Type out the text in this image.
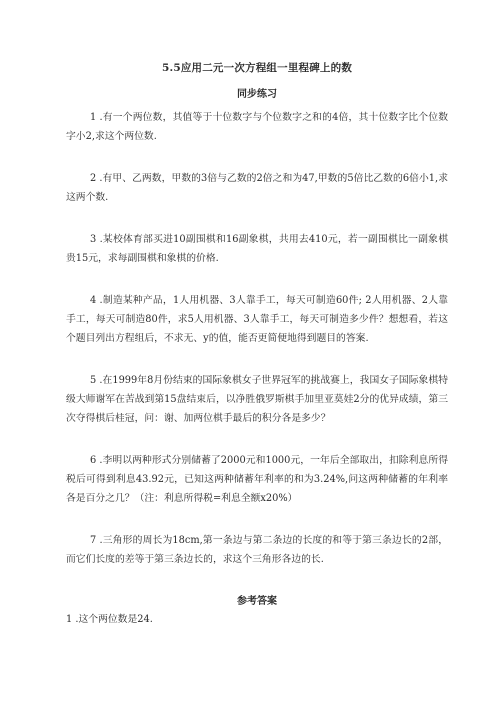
5.5应用二元一次方程组一里程碑上的数
同步练习

1 .有一个两位数，其值等于十位数字与个位数字之和的4倍，其十位数字比个位数字小2,求这个两位数.

2 .有甲、乙两数，甲数的3倍与乙数的2倍之和为47,甲数的5倍比乙数的6倍小1,求这两个数.

3 .某校体育部买进10副围棋和16副象棋，共用去410元，若一副围棋比一副象棋贵15元，求每副围棋和象棋的价格.

4 .制造某种产品，1人用机器、3人靠手工，每天可制造60件; 2人用机器、2人靠手工，每天可制造80件，求5人用机器、3人靠手工，每天可制造多少件？想想看，若这个题目列出方程组后，不求无、y的值，能否更简便地得到题目的答案.

5 .在1999年8月份结束的国际象棋女子世界冠军的挑战赛上，我国女子国际象棋特级大师谢军在苦战到第15盘结束后，以净胜俄罗斯棋手加里亚莫娃2分的优异成绩，第三次夺得棋后桂冠，问：谢、加两位棋手最后的积分各是多少？

6 .李明以两种形式分别储蓄了2000元和1000元，一年后全部取出，扣除利息所得税后可得到利息43.92元，已知这两种储蓄年利率的和为3.24%,问这两种储蓄的年利率各是百分之几？（注：利息所得税=利息全额x20%）

7 .三角形的周长为18cm,第一条边与第二条边的长度的和等于第三条边长的2部，而它们长度的差等于第三条边长的，求这个三角形各边的长.

参考答案

1 .这个两位数是24.
